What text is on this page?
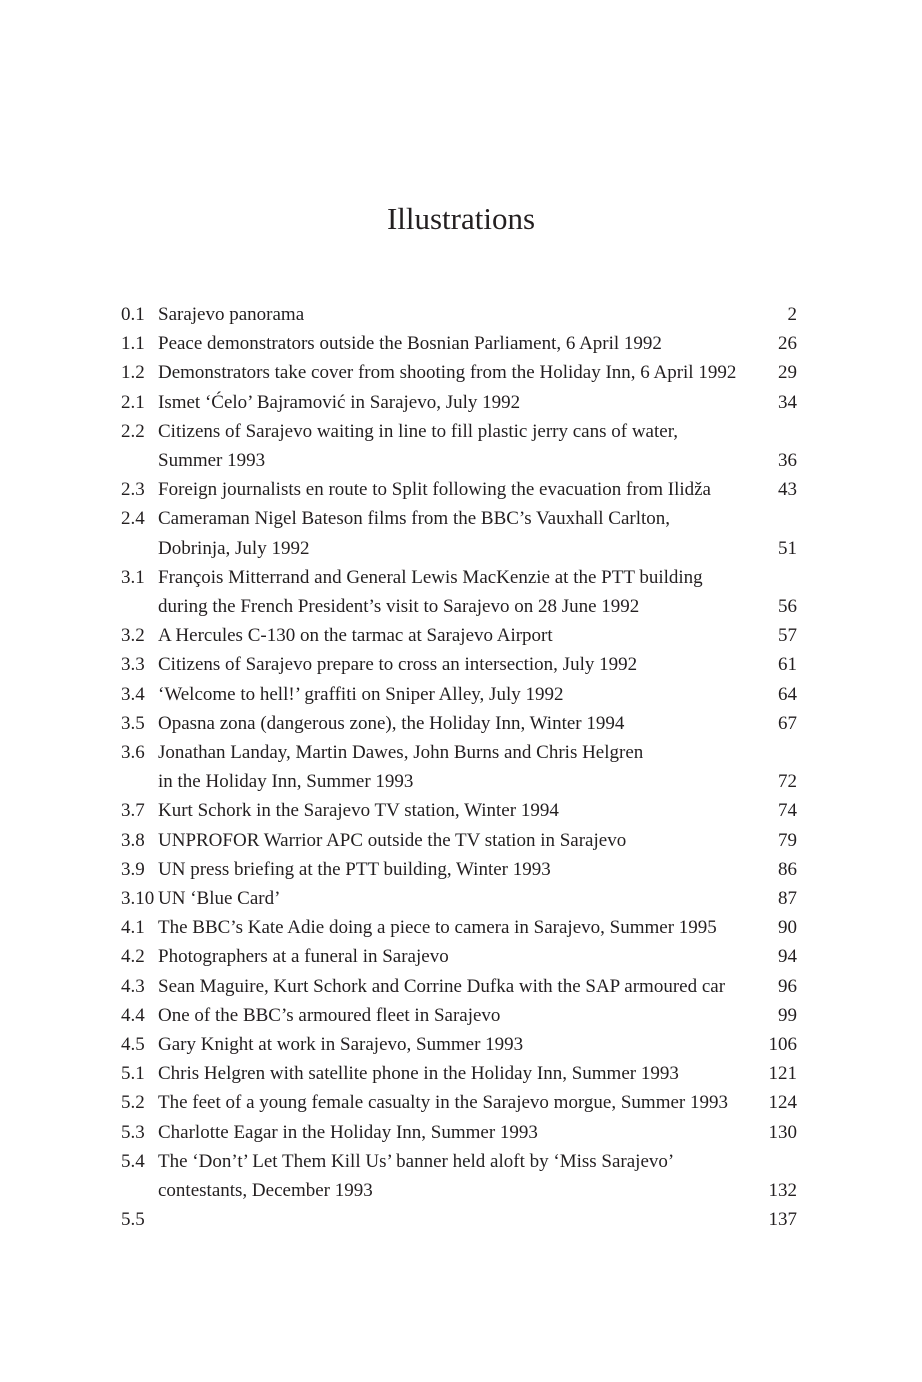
Illustrations
0.1 Sarajevo panorama	2
1.1 Peace demonstrators outside the Bosnian Parliament, 6 April 1992	26
1.2 Demonstrators take cover from shooting from the Holiday Inn, 6 April 1992	29
2.1 Ismet ‘Ćelo’ Bajramović in Sarajevo, July 1992	34
2.2 Citizens of Sarajevo waiting in line to fill plastic jerry cans of water,
Summer 1993	36
2.3 Foreign journalists en route to Split following the evacuation from Ilidža	43
2.4 Cameraman Nigel Bateson films from the BBC’s Vauxhall Carlton,
Dobrinja, July 1992	51
3.1 François Mitterrand and General Lewis MacKenzie at the PTT building
during the French President’s visit to Sarajevo on 28 June 1992	56
3.2 A Hercules C-130 on the tarmac at Sarajevo Airport	57
3.3 Citizens of Sarajevo prepare to cross an intersection, July 1992	61
3.4 ‘Welcome to hell!’ graffiti on Sniper Alley, July 1992	64
3.5 Opasna zona (dangerous zone), the Holiday Inn, Winter 1994	67
3.6 Jonathan Landay, Martin Dawes, John Burns and Chris Helgren
in the Holiday Inn, Summer 1993	72
3.7 Kurt Schork in the Sarajevo TV station, Winter 1994	74
3.8 UNPROFOR Warrior APC outside the TV station in Sarajevo	79
3.9 UN press briefing at the PTT building, Winter 1993	86
3.10 UN ‘Blue Card’	87
4.1 The BBC’s Kate Adie doing a piece to camera in Sarajevo, Summer 1995	90
4.2 Photographers at a funeral in Sarajevo	94
4.3 Sean Maguire, Kurt Schork and Corrine Dufka with the SAP armoured car	96
4.4 One of the BBC’s armoured fleet in Sarajevo	99
4.5 Gary Knight at work in Sarajevo, Summer 1993	106
5.1 Chris Helgren with satellite phone in the Holiday Inn, Summer 1993	121
5.2 The feet of a young female casualty in the Sarajevo morgue, Summer 1993	124
5.3 Charlotte Eagar in the Holiday Inn, Summer 1993	130
5.4 The ‘Don’t’ Let Them Kill Us’ banner held aloft by ‘Miss Sarajevo’
contestants, December 1993	132
5.5	137
